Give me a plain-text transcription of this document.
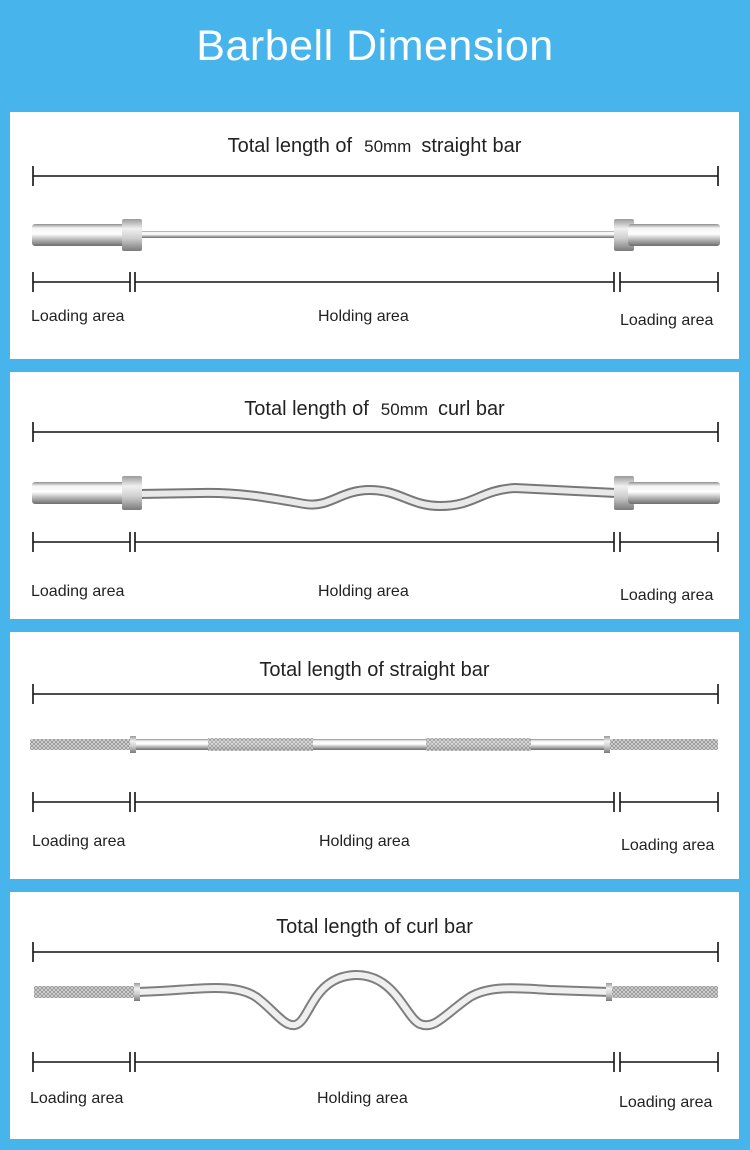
Barbell Dimension
Total length of 50mm straight bar
Loading area	Holding area	Loading area
Total length of 50mm curl bar
Loading area	Holding area	Loading area
Total length of straight bar
Loading area	Holding area	Loading area
Total length of curl bar
Loading area	Holding area	Loading area
